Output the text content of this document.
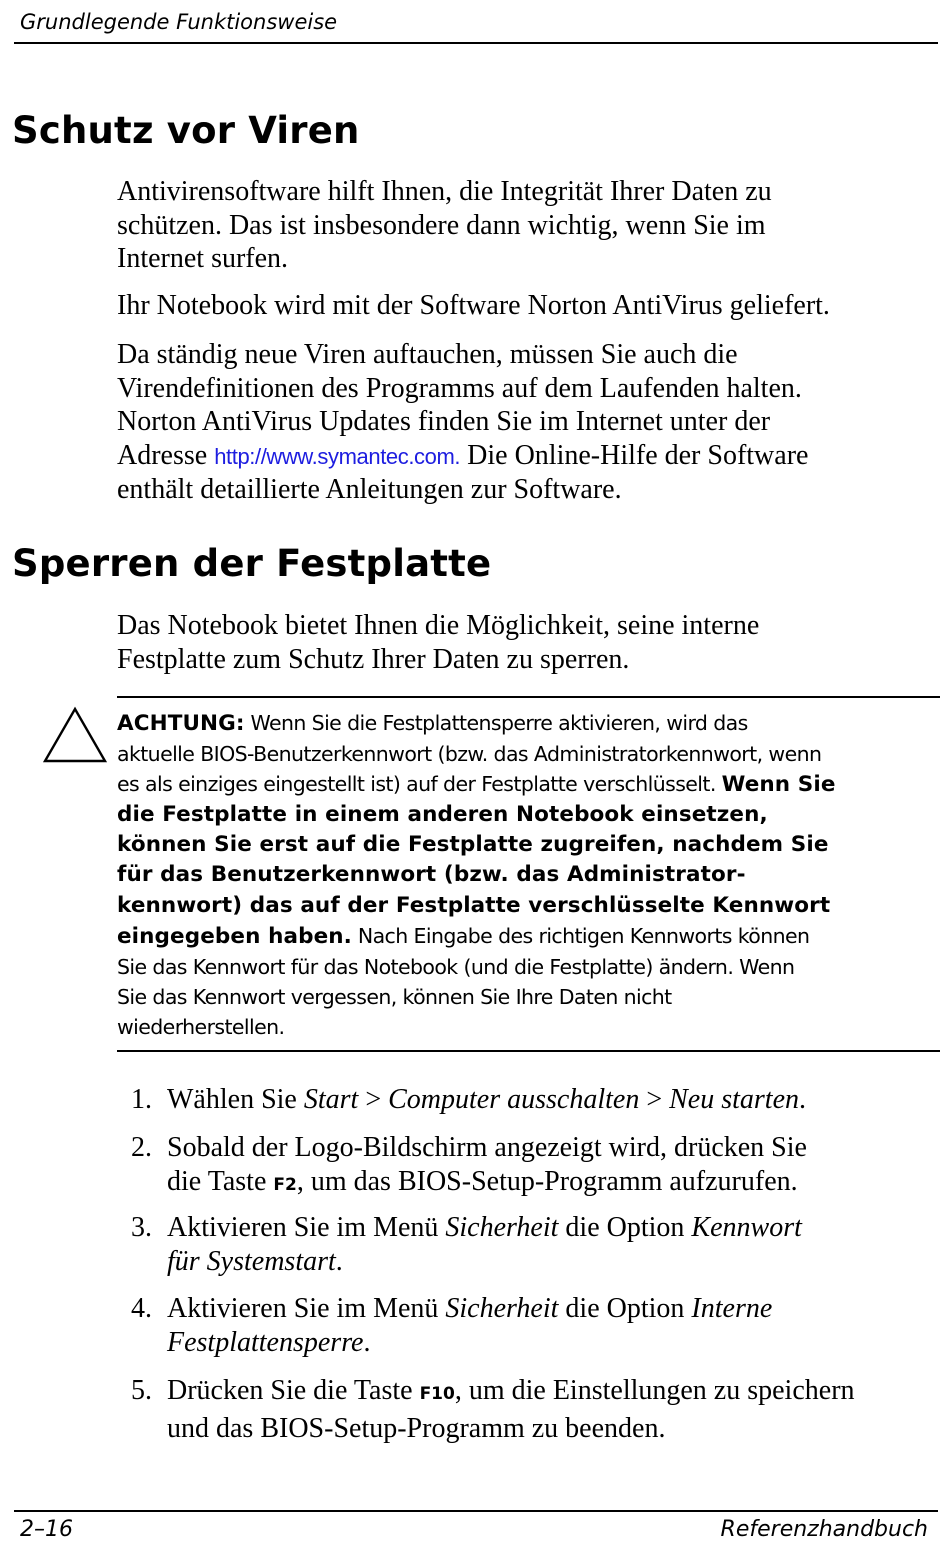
Grundlegende Funktionsweise
Schutz vor Viren

Antivirensoftware hilft Ihnen, die Integrität Ihrer Daten zu
schützen. Das ist insbesondere dann wichtig, wenn Sie im
Internet surfen.

Ihr Notebook wird mit der Software Norton AntiVirus geliefert.

Da ständig neue Viren auftauchen, müssen Sie auch die
Virendefinitionen des Programms auf dem Laufenden halten.
Norton AntiVirus Updates finden Sie im Internet unter der
Adresse http://www.symantec.com. Die Online-Hilfe der Software
enthält detaillierte Anleitungen zur Software.

Sperren der Festplatte

Das Notebook bietet Ihnen die Möglichkeit, seine interne
Festplatte zum Schutz Ihrer Daten zu sperren.

ACHTUNG: Wenn Sie die Festplattensperre aktivieren, wird das
aktuelle BIOS-Benutzerkennwort (bzw. das Administratorkennwort, wenn
es als einziges eingestellt ist) auf der Festplatte verschlüsselt. Wenn Sie
die Festplatte in einem anderen Notebook einsetzen,
können Sie erst auf die Festplatte zugreifen, nachdem Sie
für das Benutzerkennwort (bzw. das Administrator-
kennwort) das auf der Festplatte verschlüsselte Kennwort
eingegeben haben. Nach Eingabe des richtigen Kennworts können
Sie das Kennwort für das Notebook (und die Festplatte) ändern. Wenn
Sie das Kennwort vergessen, können Sie Ihre Daten nicht
wiederherstellen.
1. Wählen Sie Start > Computer ausschalten > Neu starten.
2. Sobald der Logo-Bildschirm angezeigt wird, drücken Sie
die Taste F2, um das BIOS-Setup-Programm aufzurufen.
3. Aktivieren Sie im Menü Sicherheit die Option Kennwort
für Systemstart.
4. Aktivieren Sie im Menü Sicherheit die Option Interne
Festplattensperre.
5. Drücken Sie die Taste F10, um die Einstellungen zu speichern
und das BIOS-Setup-Programm zu beenden.
2–16	Referenzhandbuch
